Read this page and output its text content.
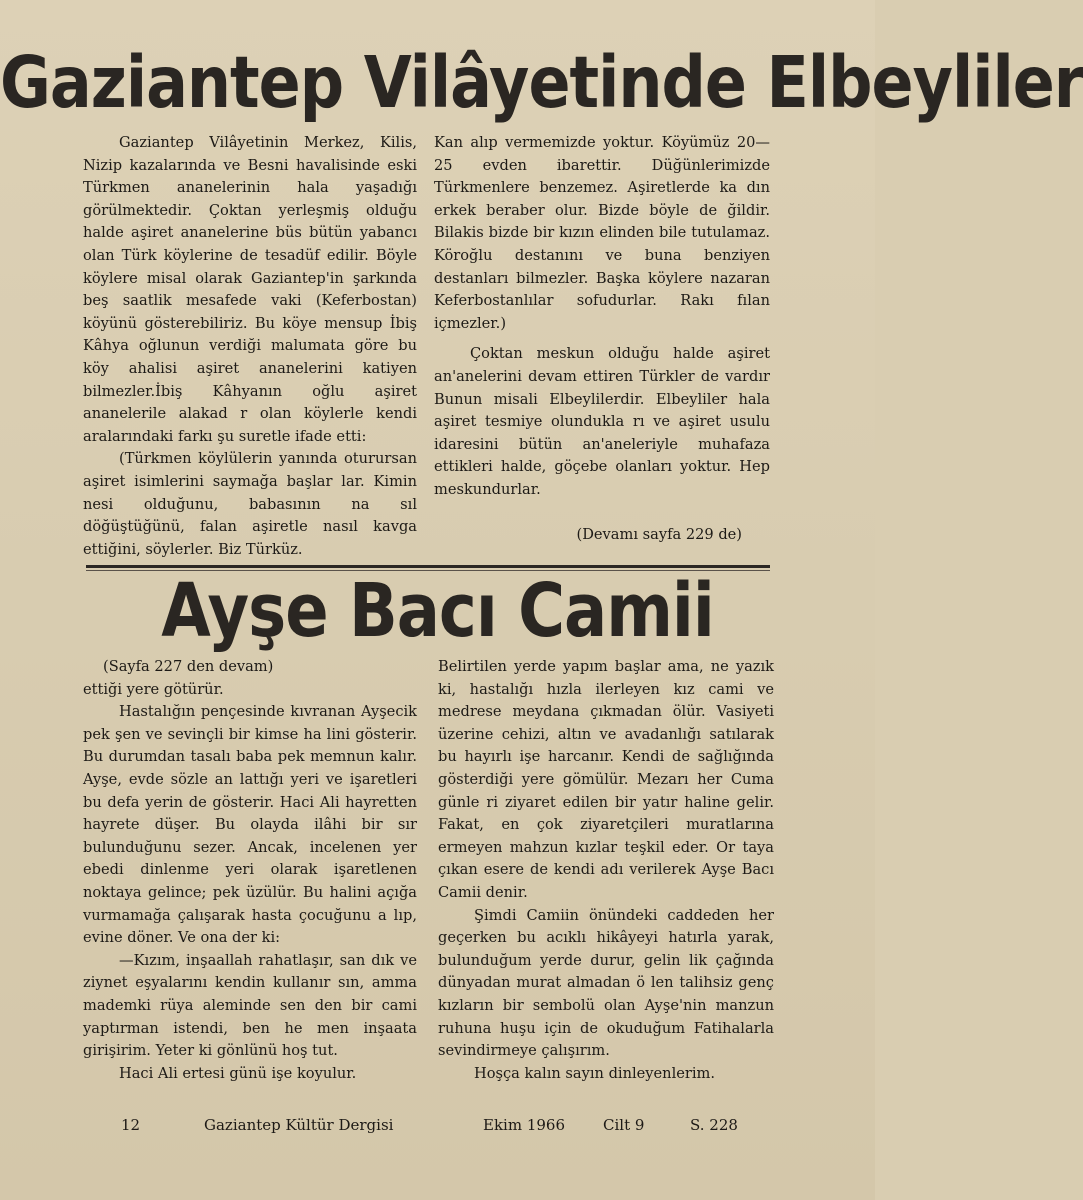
Gaziantep Vilâyetinde Elbeyliler

Gaziantep Vilâyetinin Merkez, Kilis, Nizip kazalarında ve Besni havalisinde eski Türkmen ananelerinin hala yaşadığı görülmektedir. Çoktan yerleşmiş olduğu halde aşiret ananelerine büs bütün yabancı olan Türk köylerine de tesadüf edilir. Böyle köylere misal olarak Gaziantep'in şarkında beş saatlik mesafede vaki (Keferbostan) köyünü gösterebiliriz. Bu köye mensup İbiş Kâhya oğlunun verdiği malumata göre bu köy ahalisi aşiret ananelerini katiyen bilmezler.İbiş Kâhyanın oğlu aşiret ananelerile alakad r olan köylerle kendi aralarındaki farkı şu suretle ifade etti:

(Türkmen köylülerin yanında oturursan aşiret isimlerini saymağa başlar lar. Kimin nesi olduğunu, babasının na sıl döğüştüğünü, falan aşiretle nasıl kavga ettiğini, söylerler. Biz Türküz.

Kan alıp vermemizde yoktur. Köyümüz 20—25 evden ibarettir. Düğünlerimizde Türkmenlere benzemez. Aşiretlerde ka dın erkek beraber olur. Bizde böyle de ğildir. Bilakis bizde bir kızın elinden bile tutulamaz. Köroğlu destanını ve buna benziyen destanları bilmezler. Başka köylere nazaran Keferbostanlılar sofudurlar. Rakı fılan içmezler.)

Çoktan meskun olduğu halde aşiret an'anelerini devam ettiren Türkler de vardır Bunun misali Elbeylilerdir. Elbeyliler hala aşiret tesmiye olundukla rı ve aşiret usulu idaresini bütün an'aneleriyle muhafaza ettikleri halde, göçebe olanları yoktur. Hep meskundurlar.

(Devamı sayfa 229 de)

Ayşe Bacı Camii

(Sayfa 227 den devam)

ettiği yere götürür.

Hastalığın pençesinde kıvranan Ayşecik pek şen ve sevinçli bir kimse ha lini gösterir. Bu durumdan tasalı baba pek memnun kalır. Ayşe, evde sözle an lattığı yeri ve işaretleri bu defa yerin de gösterir. Haci Ali hayretten hayrete düşer. Bu olayda ilâhi bir sır bulunduğunu sezer. Ancak, incelenen yer ebedi dinlenme yeri olarak işaretlenen noktaya gelince; pek üzülür. Bu halini açığa vurmamağa çalışarak hasta çocuğunu a lıp, evine döner. Ve ona der ki:

—Kızım, inşaallah rahatlaşır, san dık ve ziynet eşyalarını kendin kullanır sın, amma mademki rüya aleminde sen den bir cami yaptırman istendi, ben he men inşaata girişirim. Yeter ki gönlünü hoş tut.

Haci Ali ertesi günü işe koyulur.

Belirtilen yerde yapım başlar ama, ne yazık ki, hastalığı hızla ilerleyen kız cami ve medrese meydana çıkmadan ölür. Vasiyeti üzerine cehizi, altın ve avadanlığı satılarak bu hayırlı işe harcanır. Kendi de sağlığında gösterdiği yere gömülür. Mezarı her Cuma günle ri ziyaret edilen bir yatır haline gelir. Fakat, en çok ziyaretçileri muratlarına ermeyen mahzun kızlar teşkil eder. Or taya çıkan esere de kendi adı verilerek Ayşe Bacı Camii denir.

Şimdi Camiin önündeki caddeden her geçerken bu acıklı hikâyeyi hatırla yarak, bulunduğum yerde durur, gelin lik çağında dünyadan murat almadan ö len talihsiz genç kızların bir sembolü olan Ayşe'nin manzun ruhuna huşu için de okuduğum Fatihalarla sevindirmeye çalışırım.

Hoşça kalın sayın dinleyenlerim.

12	Gaziantep Kültür Dergisi	Ekim 1966	Cilt 9	S. 228
